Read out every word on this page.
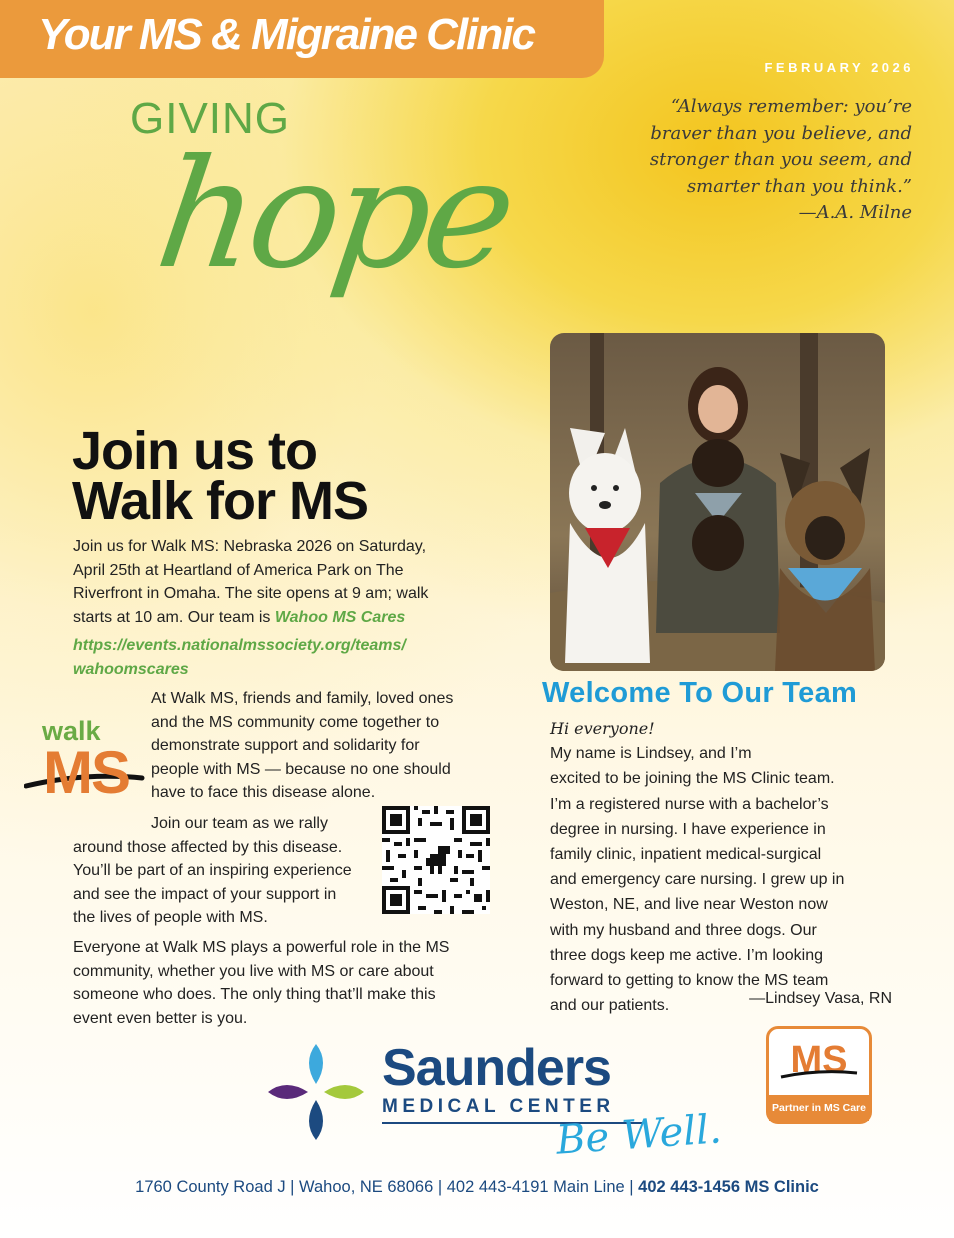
Your MS & Migraine Clinic
FEBRUARY 2026
“Always remember: you’re
braver than you believe, and
stronger than you seem, and
smarter than you think.”
—A.A. Milne
GIVING
hope
Join us to
Walk for MS
Join us for Walk MS: Nebraska 2026 on Saturday,
April 25th at Heartland of America Park on The
Riverfront in Omaha. The site opens at 9 am; walk
starts at 10 am. Our team is Wahoo MS Cares
https://events.nationalmssociety.org/teams/
wahoomscares
walk
MS
At Walk MS, friends and family, loved ones
and the MS community come together to
demonstrate support and solidarity for
people with MS — because no one should
have to face this disease alone.
Join our team as we rally
around those affected by this disease.
You’ll be part of an inspiring experience
and see the impact of your support in
the lives of people with MS.
Everyone at Walk MS plays a powerful role in the MS
community, whether you live with MS or care about
someone who does. The only thing that’ll make this
event even better is you.
Welcome To Our Team
Hi everyone!
My name is Lindsey, and I’m
excited to be joining the MS Clinic team.
I’m a registered nurse with a bachelor’s
degree in nursing. I have experience in
family clinic, inpatient medical-surgical
and emergency care nursing. I grew up in
Weston, NE, and live near Weston now
with my husband and three dogs. Our
three dogs keep me active. I’m looking
forward to getting to know the MS team
and our patients.	—Lindsey Vasa, RN
Saunders
MEDICAL CENTER
Be Well.
MS
Partner in MS Care
1760 County Road J | Wahoo, NE 68066 | 402 443-4191 Main Line | 402 443-1456 MS Clinic
